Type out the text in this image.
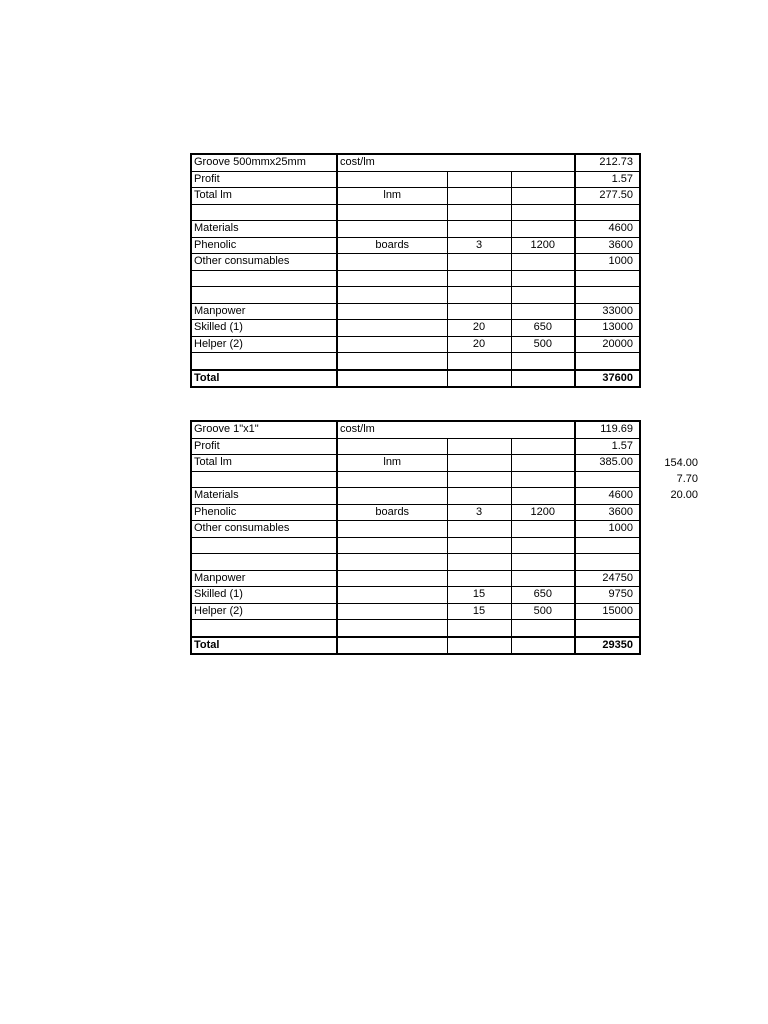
Groove 500mmx25mm	cost/lm			212.73
Profit				1.57
Total lm	lnm			277.50

Materials				4600
Phenolic	boards	3	1200	3600
Other consumables				1000

Manpower				33000
Skilled (1)		20	650	13000
Helper (2)		20	500	20000

Total				37600
Groove 1"x1"	cost/lm			119.69
Profit				1.57
Total lm	lnm			385.00

Materials				4600
Phenolic	boards	3	1200	3600
Other consumables				1000

Manpower				24750
Skilled (1)		15	650	9750
Helper (2)		15	500	15000

Total				29350
154.00
7.70
20.00
